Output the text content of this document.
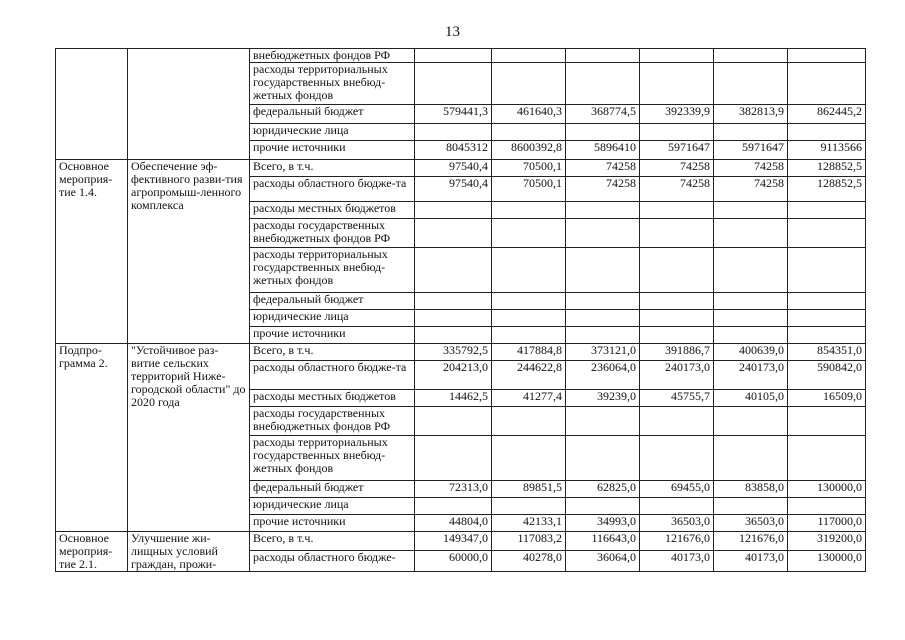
13
		внебюджетных фондов РФ						
		расходы территориальных государственных внебюд-жетных фондов						
		федеральный бюджет	579441,3	461640,3	368774,5	392339,9	382813,9	862445,2
		юридические лица						
		прочие источники	8045312	8600392,8	5896410	5971647	5971647	9113566
Основное мероприя-тие 1.4.	Обеспечение эф-фективного разви-тия агропромыш-ленного комплекса	Всего, в т.ч.	97540,4	70500,1	74258	74258	74258	128852,5
		расходы областного бюдже-та	97540,4	70500,1	74258	74258	74258	128852,5
		расходы местных бюджетов						
		расходы государственных внебюджетных фондов РФ						
		расходы территориальных государственных внебюд-жетных фондов						
		федеральный бюджет						
		юридические лица						
		прочие источники						
Подпро-грамма 2.	"Устойчивое раз-витие сельских территорий Ниже-городской области" до 2020 года	Всего, в т.ч.	335792,5	417884,8	373121,0	391886,7	400639,0	854351,0
		расходы областного бюдже-та	204213,0	244622,8	236064,0	240173,0	240173,0	590842,0
		расходы местных бюджетов	14462,5	41277,4	39239,0	45755,7	40105,0	16509,0
		расходы государственных внебюджетных фондов РФ						
		расходы территориальных государственных внебюд-жетных фондов						
		федеральный бюджет	72313,0	89851,5	62825,0	69455,0	83858,0	130000,0
		юридические лица						
		прочие источники	44804,0	42133,1	34993,0	36503,0	36503,0	117000,0
Основное мероприя-тие 2.1.	Улучшение жи-лищных условий граждан, прожи-	Всего, в т.ч.	149347,0	117083,2	116643,0	121676,0	121676,0	319200,0
		расходы областного бюдже-	60000,0	40278,0	36064,0	40173,0	40173,0	130000,0
